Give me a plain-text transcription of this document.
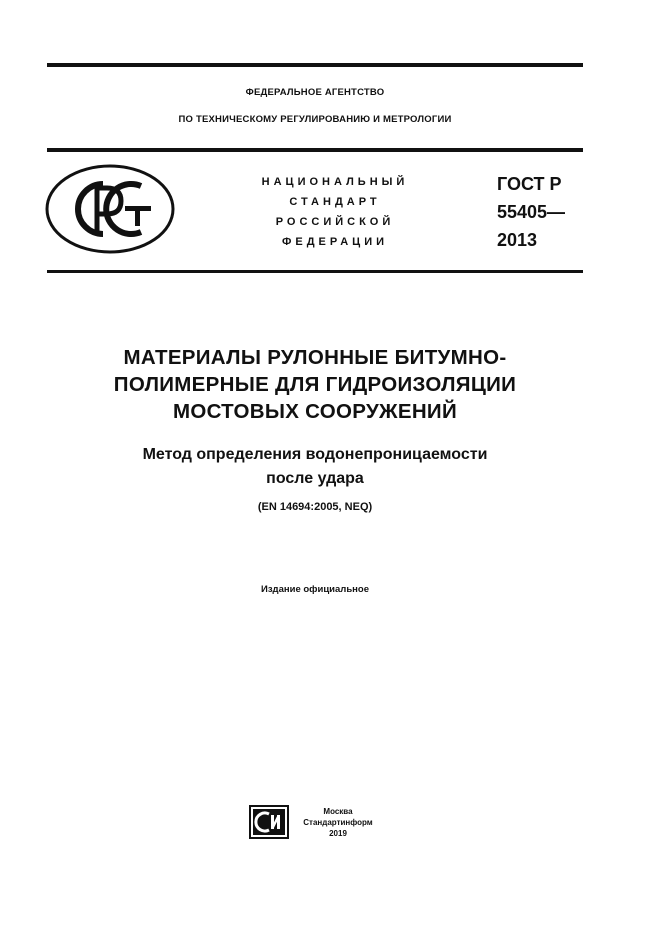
ФЕДЕРАЛЬНОЕ АГЕНТСТВО
ПО ТЕХНИЧЕСКОМУ РЕГУЛИРОВАНИЮ И МЕТРОЛОГИИ
НАЦИОНАЛЬНЫЙ
СТАНДАРТ
РОССИЙСКОЙ
ФЕДЕРАЦИИ
ГОСТ Р
55405—
2013
МАТЕРИАЛЫ РУЛОННЫЕ БИТУМНО-
ПОЛИМЕРНЫЕ ДЛЯ ГИДРОИЗОЛЯЦИИ
МОСТОВЫХ СООРУЖЕНИЙ
Метод определения водонепроницаемости
после удара
(EN 14694:2005, NEQ)
Издание официальное
Москва
Стандартинформ
2019
